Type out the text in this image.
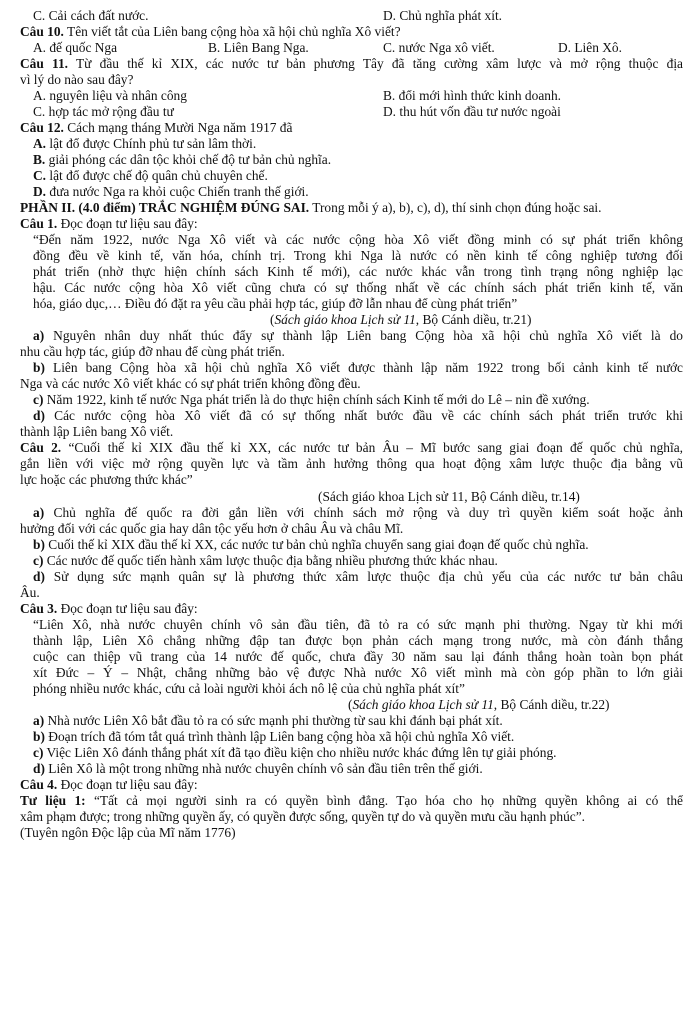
C. Cải cách đất nước.	D. Chủ nghĩa phát xít.
Câu 10. Tên viết tắt của Liên bang cộng hòa xã hội chủ nghĩa Xô viết?
A. đế quốc Nga	B. Liên Bang Nga.	C. nước Nga xô viết.	D. Liên Xô.
Câu 11. Từ đầu thế kỉ XIX, các nước tư bản phương Tây đã tăng cường xâm lược và mở rộng thuộc địa
vì lý do nào sau đây?
A. nguyên liệu và nhân công	B. đổi mới hình thức kinh doanh.
C. hợp tác mở rộng đầu tư	D. thu hút vốn đầu tư nước ngoài
Câu 12. Cách mạng tháng Mười Nga năm 1917 đã
A. lật đổ được Chính phủ tư sản lâm thời.
B. giải phóng các dân tộc khỏi chế độ tư bản chủ nghĩa.
C. lật đổ được chế độ quân chủ chuyên chế.
D. đưa nước Nga ra khỏi cuộc Chiến tranh thế giới.
PHẦN II. (4.0 điểm) TRẮC NGHIỆM ĐÚNG SAI. Trong mỗi ý a), b), c), d), thí sinh chọn đúng hoặc sai.
Câu 1. Đọc đoạn tư liệu sau đây:
“Đến năm 1922, nước Nga Xô viết và các nước cộng hòa Xô viết đồng minh có sự phát triển không
đồng đều về kinh tế, văn hóa, chính trị. Trong khi Nga là nước có nền kinh tế công nghiệp tương đối
phát triển (nhờ thực hiện chính sách Kinh tế mới), các nước khác vẫn trong tình trạng nông nghiệp lạc
hậu. Các nước cộng hòa Xô viết cũng chưa có sự thống nhất về các chính sách phát triển kinh tế, văn
hóa, giáo dục,… Điều đó đặt ra yêu cầu phải hợp tác, giúp đỡ lẫn nhau để cùng phát triển”
(Sách giáo khoa Lịch sử 11, Bộ Cánh diều, tr.21)
a) Nguyên nhân duy nhất thúc đẩy sự thành lập Liên bang Cộng hòa xã hội chủ nghĩa Xô viết là do
nhu cầu hợp tác, giúp đỡ nhau để cùng phát triển.
b) Liên bang Cộng hòa xã hội chủ nghĩa Xô viết được thành lập năm 1922 trong bối cảnh kinh tế nước
Nga và các nước Xô viết khác có sự phát triển không đồng đều.
c) Năm 1922, kinh tế nước Nga phát triển là do thực hiện chính sách Kinh tế mới do Lê – nin đề xướng.
d) Các nước cộng hòa Xô viết đã có sự thống nhất bước đầu về các chính sách phát triển trước khi
thành lập Liên bang Xô viết.
Câu 2. “Cuối thế kỉ XIX đầu thế kỉ XX, các nước tư bản Âu – Mĩ bước sang giai đoạn đế quốc chủ nghĩa,
gắn liền với việc mở rộng quyền lực và tầm ảnh hưởng thông qua hoạt động xâm lược thuộc địa bằng vũ
lực hoặc các phương thức khác”
(Sách giáo khoa Lịch sử 11, Bộ Cánh diều, tr.14)
a) Chủ nghĩa đế quốc ra đời gắn liền với chính sách mở rộng và duy trì quyền kiểm soát hoặc ảnh
hưởng đối với các quốc gia hay dân tộc yếu hơn ở châu Âu và châu Mĩ.
b) Cuối thế kỉ XIX đầu thế kỉ XX, các nước tư bản chủ nghĩa chuyển sang giai đoạn đế quốc chủ nghĩa.
c) Các nước đế quốc tiến hành xâm lược thuộc địa bằng nhiều phương thức khác nhau.
d) Sử dụng sức mạnh quân sự là phương thức xâm lược thuộc địa chủ yếu của các nước tư bản châu
Âu.
Câu 3. Đọc đoạn tư liệu sau đây:
“Liên Xô, nhà nước chuyên chính vô sản đầu tiên, đã tỏ ra có sức mạnh phi thường. Ngay từ khi mới
thành lập, Liên Xô chẳng những đập tan được bọn phản cách mạng trong nước, mà còn đánh thắng
cuộc can thiệp vũ trang của 14 nước đế quốc, chưa đầy 30 năm sau lại đánh thắng hoàn toàn bọn phát
xít Đức – Ý – Nhật, chẳng những bảo vệ được Nhà nước Xô viết mình mà còn góp phần to lớn giải
phóng nhiều nước khác, cứu cả loài người khỏi ách nô lệ của chủ nghĩa phát xít”
(Sách giáo khoa Lịch sử 11, Bộ Cánh diều, tr.22)
a) Nhà nước Liên Xô bắt đầu tỏ ra có sức mạnh phi thường từ sau khi đánh bại phát xít.
b) Đoạn trích đã tóm tắt quá trình thành lập Liên bang cộng hòa xã hội chủ nghĩa Xô viết.
c) Việc Liên Xô đánh thắng phát xít đã tạo điều kiện cho nhiều nước khác đứng lên tự giải phóng.
d) Liên Xô là một trong những nhà nước chuyên chính vô sản đầu tiên trên thế giới.
Câu 4. Đọc đoạn tư liệu sau đây:
Tư liệu 1: “Tất cả mọi người sinh ra có quyền bình đẳng. Tạo hóa cho họ những quyền không ai có thể
xâm phạm được; trong những quyền ấy, có quyền được sống, quyền tự do và quyền mưu cầu hạnh phúc”.
(Tuyên ngôn Độc lập của Mĩ năm 1776)
